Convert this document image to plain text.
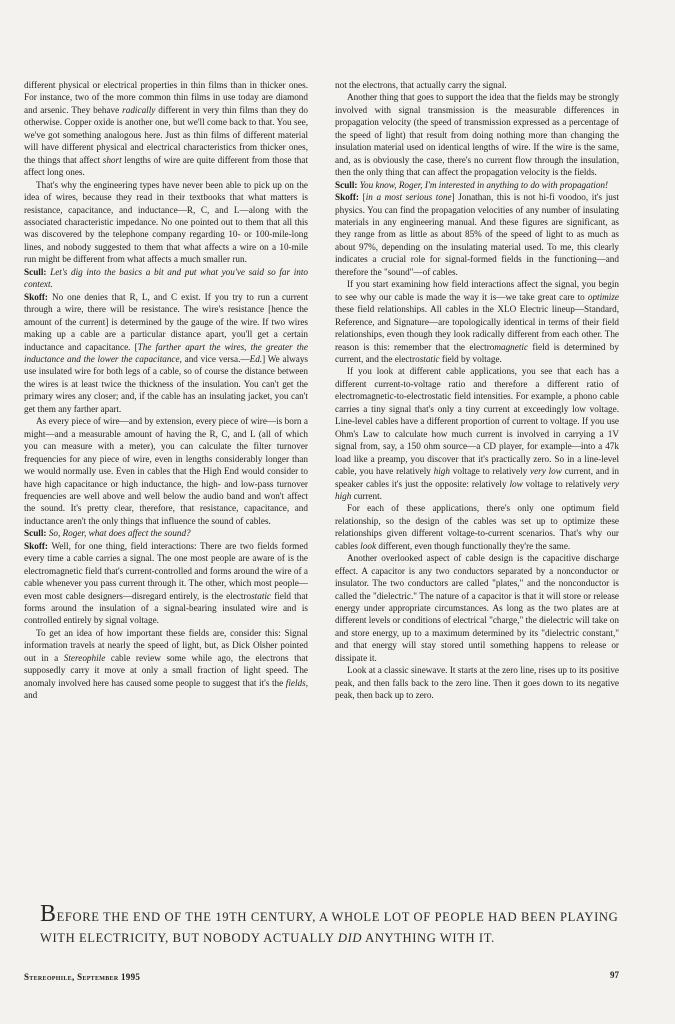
different physical or electrical properties in thin films than in thicker ones. For instance, two of the more common thin films in use today are diamond and arsenic. They behave radically different in very thin films than they do otherwise. Copper oxide is another one, but we'll come back to that. You see, we've got something analogous here. Just as thin films of different material will have different physical and electrical characteristics from thicker ones, the things that affect short lengths of wire are quite different from those that affect long ones.

That's why the engineering types have never been able to pick up on the idea of wires, because they read in their textbooks that what matters is resistance, capacitance, and inductance—R, C, and L—along with the associated characteristic impedance. No one pointed out to them that all this was discovered by the telephone company regarding 10- or 100-mile-long lines, and nobody suggested to them that what affects a wire on a 10-mile run might be different from what affects a much smaller run.

Scull: Let's dig into the basics a bit and put what you've said so far into context.

Skoff: No one denies that R, L, and C exist. If you try to run a current through a wire, there will be resistance. The wire's resistance [hence the amount of the current] is determined by the gauge of the wire. If two wires making up a cable are a particular distance apart, you'll get a certain inductance and capacitance. [The farther apart the wires, the greater the inductance and the lower the capacitance, and vice versa.—Ed.] We always use insulated wire for both legs of a cable, so of course the distance between the wires is at least twice the thickness of the insulation. You can't get the primary wires any closer; and, if the cable has an insulating jacket, you can't get them any farther apart.

As every piece of wire—and by extension, every piece of wire—is born a might—and a measurable amount of having the R, C, and L (all of which you can measure with a meter), you can calculate the filter turnover frequencies for any piece of wire, even in lengths considerably longer than we would normally use. Even in cables that the High End would consider to have high capacitance or high inductance, the high- and low-pass turnover frequencies are well above and well below the audio band and won't affect the sound. It's pretty clear, therefore, that resistance, capacitance, and inductance aren't the only things that influence the sound of cables.

Scull: So, Roger, what does affect the sound?

Skoff: Well, for one thing, field interactions: There are two fields formed every time a cable carries a signal. The one most people are aware of is the electromagnetic field that's current-controlled and forms around the wire of a cable whenever you pass current through it. The other, which most people—even most cable designers—disregard entirely, is the electrostatic field that forms around the insulation of a signal-bearing insulated wire and is controlled entirely by signal voltage.

To get an idea of how important these fields are, consider this: Signal information travels at nearly the speed of light, but, as Dick Olsher pointed out in a Stereophile cable review some while ago, the electrons that supposedly carry it move at only a small fraction of light speed. The anomaly involved here has caused some people to suggest that it's the fields, and

not the electrons, that actually carry the signal.

Another thing that goes to support the idea that the fields may be strongly involved with signal transmission is the measurable differences in propagation velocity (the speed of transmission expressed as a percentage of the speed of light) that result from doing nothing more than changing the insulation material used on identical lengths of wire. If the wire is the same, and, as is obviously the case, there's no current flow through the insulation, then the only thing that can affect the propagation velocity is the fields.

Scull: You know, Roger, I'm interested in anything to do with propagation!

Skoff: [in a most serious tone] Jonathan, this is not hi-fi voodoo, it's just physics. You can find the propagation velocities of any number of insulating materials in any engineering manual. And these figures are significant, as they range from as little as about 85% of the speed of light to as much as about 97%, depending on the insulating material used. To me, this clearly indicates a crucial role for signal-formed fields in the functioning—and therefore the "sound"—of cables.

If you start examining how field interactions affect the signal, you begin to see why our cable is made the way it is—we take great care to optimize these field relationships. All cables in the XLO Electric lineup—Standard, Reference, and Signature—are topologically identical in terms of their field relationships, even though they look radically different from each other. The reason is this: remember that the electromagnetic field is determined by current, and the electrostatic field by voltage.

If you look at different cable applications, you see that each has a different current-to-voltage ratio and therefore a different ratio of electromagnetic-to-electrostatic field intensities. For example, a phono cable carries a tiny signal that's only a tiny current at exceedingly low voltage. Line-level cables have a different proportion of current to voltage. If you use Ohm's Law to calculate how much current is involved in carrying a 1V signal from, say, a 150 ohm source—a CD player, for example—into a 47k load like a preamp, you discover that it's practically zero. So in a line-level cable, you have relatively high voltage to relatively very low current, and in speaker cables it's just the opposite: relatively low voltage to relatively very high current.

For each of these applications, there's only one optimum field relationship, so the design of the cables was set up to optimize these relationships given different voltage-to-current scenarios. That's why our cables look different, even though functionally they're the same.

Another overlooked aspect of cable design is the capacitive discharge effect. A capacitor is any two conductors separated by a nonconductor or insulator. The two conductors are called "plates," and the nonconductor is called the "dielectric." The nature of a capacitor is that it will store or release energy under appropriate circumstances. As long as the two plates are at different levels or conditions of electrical "charge," the dielectric will take on and store energy, up to a maximum determined by its "dielectric constant," and that energy will stay stored until something happens to release or dissipate it.

Look at a classic sinewave. It starts at the zero line, rises up to its positive peak, and then falls back to the zero line. Then it goes down to its negative peak, then back up to zero.

BEFORE THE END OF THE 19TH CENTURY, A WHOLE LOT OF PEOPLE HAD BEEN PLAYING WITH ELECTRICITY, BUT NOBODY ACTUALLY DID ANYTHING WITH IT.
Stereophile, September 1995	97
